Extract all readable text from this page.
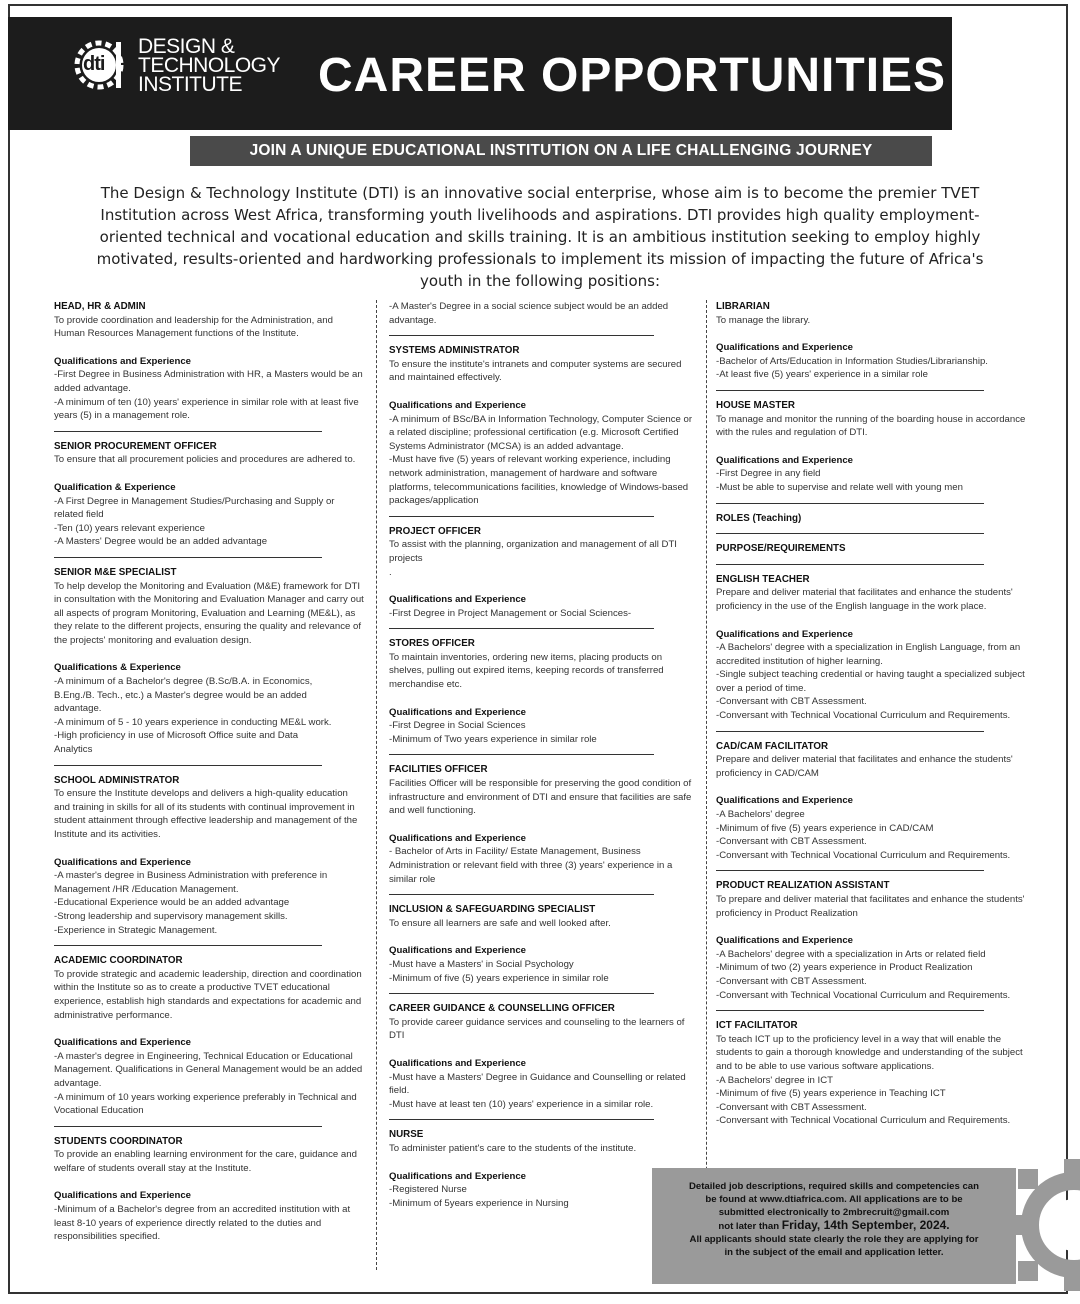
dti
DESIGN &
TECHNOLOGY
INSTITUTE	CAREER OPPORTUNITIES
JOIN A UNIQUE EDUCATIONAL INSTITUTION ON A LIFE CHALLENGING JOURNEY
The Design & Technology Institute (DTI) is an innovative social enterprise, whose aim is to become the premier TVET Institution across West Africa, transforming youth livelihoods and aspirations. DTI provides high quality employment-oriented technical and vocational education and skills training. It is an ambitious institution seeking to employ highly motivated, results-oriented and hardworking professionals to implement its mission of impacting the future of Africa's youth in the following positions:
HEAD, HR & ADMIN
To provide coordination and leadership for the Administration, and Human Resources Management functions of the Institute.
Qualifications and Experience
-First Degree in Business Administration with HR, a Masters would be an added advantage.
-A minimum of ten (10) years' experience in similar role with at least five years (5) in a management role.
SENIOR PROCUREMENT OFFICER
To ensure that all procurement policies and procedures are adhered to.
Qualification & Experience
-A First Degree in Management Studies/Purchasing and Supply or related field
-Ten (10) years relevant experience
-A Masters' Degree would be an added advantage
SENIOR M&E SPECIALIST
To help develop the Monitoring and Evaluation (M&E) framework for DTI in consultation with the Monitoring and Evaluation Manager and carry out all aspects of program Monitoring, Evaluation and Learning (ME&L), as they relate to the different projects, ensuring the quality and relevance of the projects' monitoring and evaluation design.
Qualifications & Experience
-A minimum of a Bachelor's degree (B.Sc/B.A. in Economics,
B.Eng./B. Tech., etc.) a Master's degree would be an added
advantage.
-A minimum of 5 - 10 years experience in conducting ME&L work.
-High proficiency in use of Microsoft Office suite and Data
Analytics
SCHOOL ADMINISTRATOR
To ensure the Institute develops and delivers a high-quality education and training in skills for all of its students with continual improvement in student attainment through effective leadership and management of the Institute and its activities.
Qualifications and Experience
-A master's degree in Business Administration with preference in Management /HR /Education Management.
-Educational Experience would be an added advantage
-Strong leadership and supervisory management skills.
-Experience in Strategic Management.
ACADEMIC COORDINATOR
To provide strategic and academic leadership, direction and coordination within the Institute so as to create a productive TVET educational experience, establish high standards and expectations for academic and administrative performance.
Qualifications and Experience
-A master's degree in Engineering, Technical Education or Educational Management. Qualifications in General Management would be an added advantage.
-A minimum of 10 years working experience preferably in Technical and Vocational Education
STUDENTS COORDINATOR
To provide an enabling learning environment for the care, guidance and welfare of students overall stay at the Institute.
Qualifications and Experience
-Minimum of a Bachelor's degree from an accredited institution with at least 8-10 years of experience directly related to the duties and responsibilities specified.
-A Master's Degree in a social science subject would be an added advantage.
SYSTEMS ADMINISTRATOR
To ensure the institute's intranets and computer systems are secured and maintained effectively.
Qualifications and Experience
-A minimum of BSc/BA in Information Technology, Computer Science or a related discipline; professional certification (e.g. Microsoft Certified Systems Administrator (MCSA) is an added advantage.
-Must have five (5) years of relevant working experience, including network administration, management of hardware and software platforms, telecommunications facilities, knowledge of Windows-based packages/application
PROJECT OFFICER
To assist with the planning, organization and management of all DTI projects
.
Qualifications and Experience
-First Degree in Project Management or Social Sciences-
STORES OFFICER
To maintain inventories, ordering new items, placing products on shelves, pulling out expired items, keeping records of transferred merchandise etc.
Qualifications and Experience
-First Degree in Social Sciences
-Minimum of Two years experience in similar role
FACILITIES OFFICER
Facilities Officer will be responsible for preserving the good condition of infrastructure and environment of DTI and ensure that facilities are safe and well functioning.
Qualifications and Experience
- Bachelor of Arts in Facility/ Estate Management, Business Administration or relevant field with three (3) years' experience in a similar role
INCLUSION & SAFEGUARDING SPECIALIST
To ensure all learners are safe and well looked after.
Qualifications and Experience
-Must have a Masters' in Social Psychology
-Minimum of five (5) years experience in similar role
CAREER GUIDANCE & COUNSELLING OFFICER
To provide career guidance services and counseling to the learners of DTI
Qualifications and Experience
-Must have a Masters' Degree in Guidance and Counselling or related field.
-Must have at least ten (10) years' experience in a similar role.
NURSE
To administer patient's care to the students of the institute.
Qualifications and Experience
-Registered Nurse
-Minimum of 5years experience in Nursing
LIBRARIAN
To manage the library.
Qualifications and Experience
-Bachelor of Arts/Education in Information Studies/Librarianship.
-At least five (5) years' experience in a similar role
HOUSE MASTER
To manage and monitor the running of the boarding house in accordance with the rules and regulation of DTI.
Qualifications and Experience
-First Degree in any field
-Must be able to supervise and relate well with young men
ROLES (Teaching)
PURPOSE/REQUIREMENTS
ENGLISH TEACHER
Prepare and deliver material that facilitates and enhance the students' proficiency in the use of the English language in the work place.
Qualifications and Experience
-A Bachelors' degree with a specialization in English Language, from an accredited institution of higher learning.
-Single subject teaching credential or having taught a specialized subject over a period of time.
-Conversant with CBT Assessment.
-Conversant with Technical Vocational Curriculum and Requirements.
CAD/CAM FACILITATOR
Prepare and deliver material that facilitates and enhance the students' proficiency in CAD/CAM
Qualifications and Experience
-A Bachelors' degree
-Minimum of five (5) years experience in CAD/CAM
-Conversant with CBT Assessment.
-Conversant with Technical Vocational Curriculum and Requirements.
PRODUCT REALIZATION ASSISTANT
To prepare and deliver material that facilitates and enhance the students' proficiency in Product Realization
Qualifications and Experience
-A Bachelors' degree with a specialization in Arts or related field
-Minimum of two (2) years experience in Product Realization
-Conversant with CBT Assessment.
-Conversant with Technical Vocational Curriculum and Requirements.
ICT FACILITATOR
To teach ICT up to the proficiency level in a way that will enable the students to gain a thorough knowledge and understanding of the subject and to be able to use various software applications.
-A Bachelors' degree in ICT
-Minimum of five (5) years experience in Teaching ICT
-Conversant with CBT Assessment.
-Conversant with Technical Vocational Curriculum and Requirements.
Detailed job descriptions, required skills and competencies can
be found at www.dtiafrica.com. All applications are to be
submitted electronically to 2mbrecruit@gmail.com
not later than Friday, 14th September, 2024.
All applicants should state clearly the role they are applying for
in the subject of the email and application letter.
